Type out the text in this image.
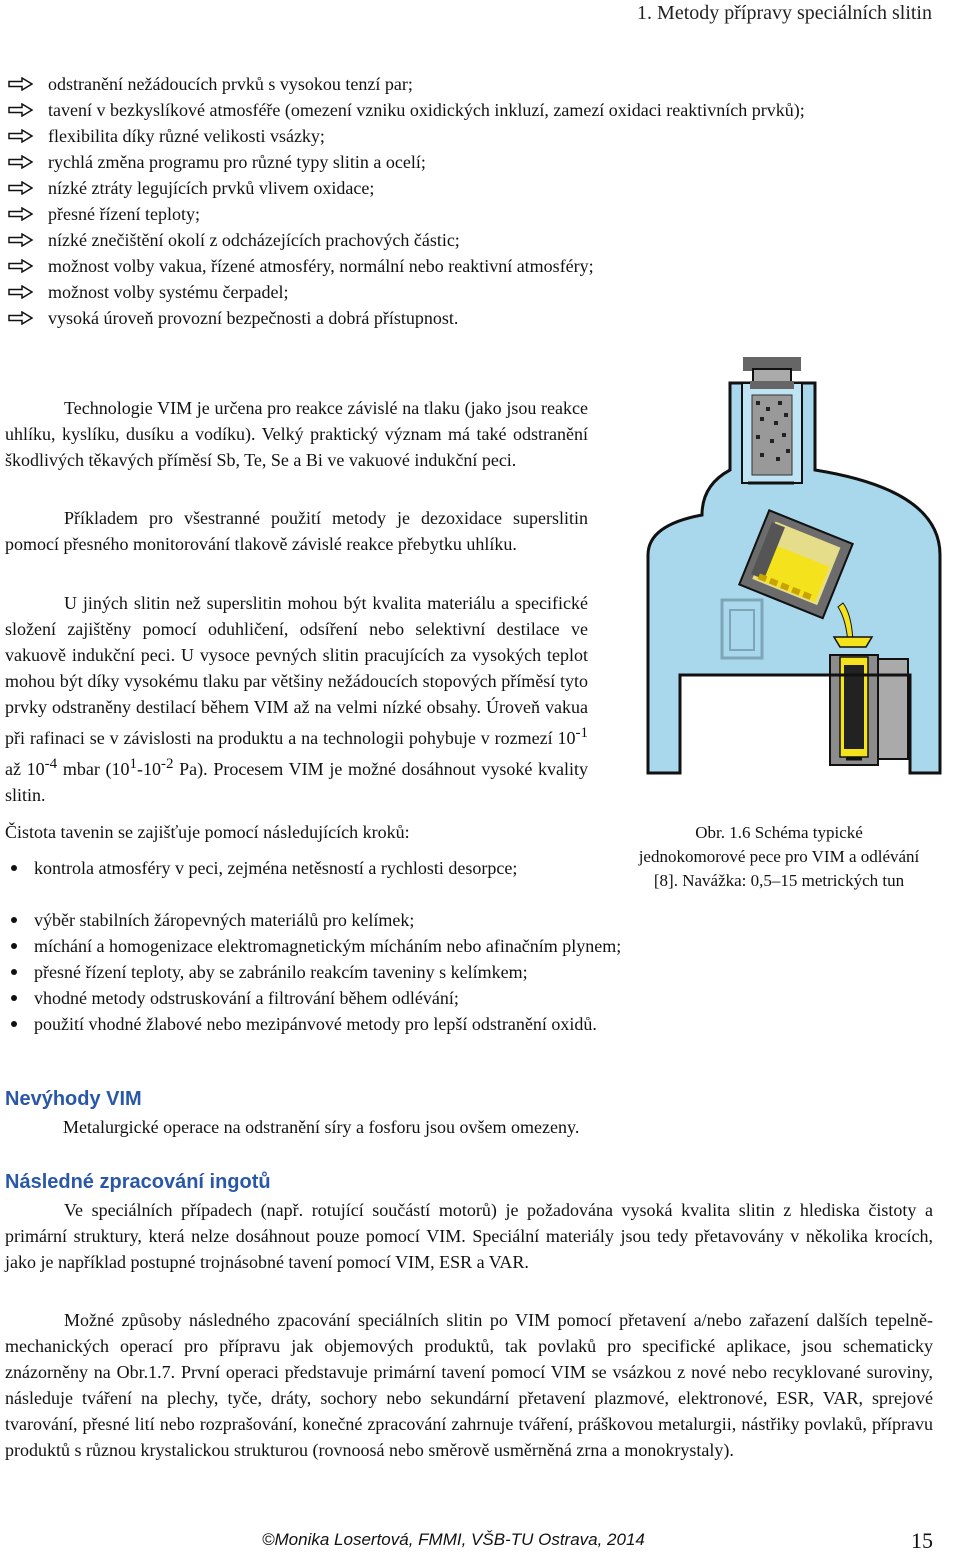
1. Metody přípravy speciálních slitin
odstranění nežádoucích prvků s vysokou tenzí par;
tavení v bezkyslíkové atmosféře (omezení vzniku oxidických inkluzí, zamezí oxidaci reaktivních prvků);
flexibilita díky různé velikosti vsázky;
rychlá změna programu pro různé typy slitin a ocelí;
nízké ztráty legujících prvků vlivem oxidace;
přesné řízení teploty;
nízké znečištění okolí z odcházejících prachových částic;
možnost volby vakua, řízené atmosféry, normální nebo reaktivní atmosféry;
možnost volby systému čerpadel;
vysoká úroveň provozní bezpečnosti a dobrá přístupnost.

Technologie VIM je určena pro reakce závislé na tlaku (jako jsou reakce uhlíku, kyslíku, dusíku a vodíku). Velký praktický význam má také odstranění škodlivých těkavých příměsí Sb, Te, Se a Bi ve vakuové indukční peci.

Příkladem pro všestranné použití metody je dezoxidace superslitin pomocí přesného monitorování tlakově závislé reakce přebytku uhlíku.

U jiných slitin než superslitin mohou být kvalita materiálu a specifické složení zajištěny pomocí oduhličení, odsíření nebo selektivní destilace ve vakuově indukční peci. U vysoce pevných slitin pracujících za vysokých teplot mohou být díky vysokému tlaku par většiny nežádoucích stopových příměsí tyto prvky odstraněny destilací během VIM až na velmi nízké obsahy. Úroveň vakua při rafinaci se v závislosti na produktu a na technologii pohybuje v rozmezí $10^{-1}$ až $10^{-4}$ mbar ($10^1-10^{-2}$ Pa). Procesem VIM je možné dosáhnout vysoké kvality slitin.

Čistota tavenin se zajišťuje pomocí následujících kroků:
kontrola atmosféry v peci, zejména netěsností a rychlosti desorpce;
výběr stabilních žáropevných materiálů pro kelímek;
míchání a homogenizace elektromagnetickým mícháním nebo afinačním plynem;
přesné řízení teploty, aby se zabránilo reakcím taveniny s kelímkem;
vhodné metody odstruskování a filtrování během odlévání;
použití vhodné žlabové nebo mezipánvové metody pro lepší odstranění oxidů.
Obr. 1.6 Schéma typické
jednokomorové pece pro VIM a odlévání
[8]. Navážka: 0,5–15 metrických tun
Nevýhody VIM
Metalurgické operace na odstranění síry a fosforu jsou ovšem omezeny.
Následné zpracování ingotů

Ve speciálních případech (např. rotující součástí motorů) je požadována vysoká kvalita slitin z hlediska čistoty a primární struktury, která nelze dosáhnout pouze pomocí VIM. Speciální materiály jsou tedy přetavovány v několika krocích, jako je například postupné trojnásobné tavení pomocí VIM, ESR a VAR.

Možné způsoby následného zpacování speciálních slitin po VIM pomocí přetavení a/nebo zařazení dalších tepelně-mechanických operací pro přípravu jak objemových produktů, tak povlaků pro specifické aplikace, jsou schematicky znázorněny na Obr.1.7. První operaci představuje primární tavení pomocí VIM se vsázkou z nové nebo recyklované suroviny, následuje tváření na plechy, tyče, dráty, sochory nebo sekundární přetavení plazmové, elektronové, ESR, VAR, sprejové tvarování, přesné lití nebo rozprašování, konečné zpracování zahrnuje tváření, práškovou metalurgii, nástřiky povlaků, přípravu produktů s různou krystalickou strukturou (rovnoosá nebo směrově usměrněná zrna a monokrystaly).

©Monika Losertová, FMMI, VŠB-TU Ostrava, 2014	15
